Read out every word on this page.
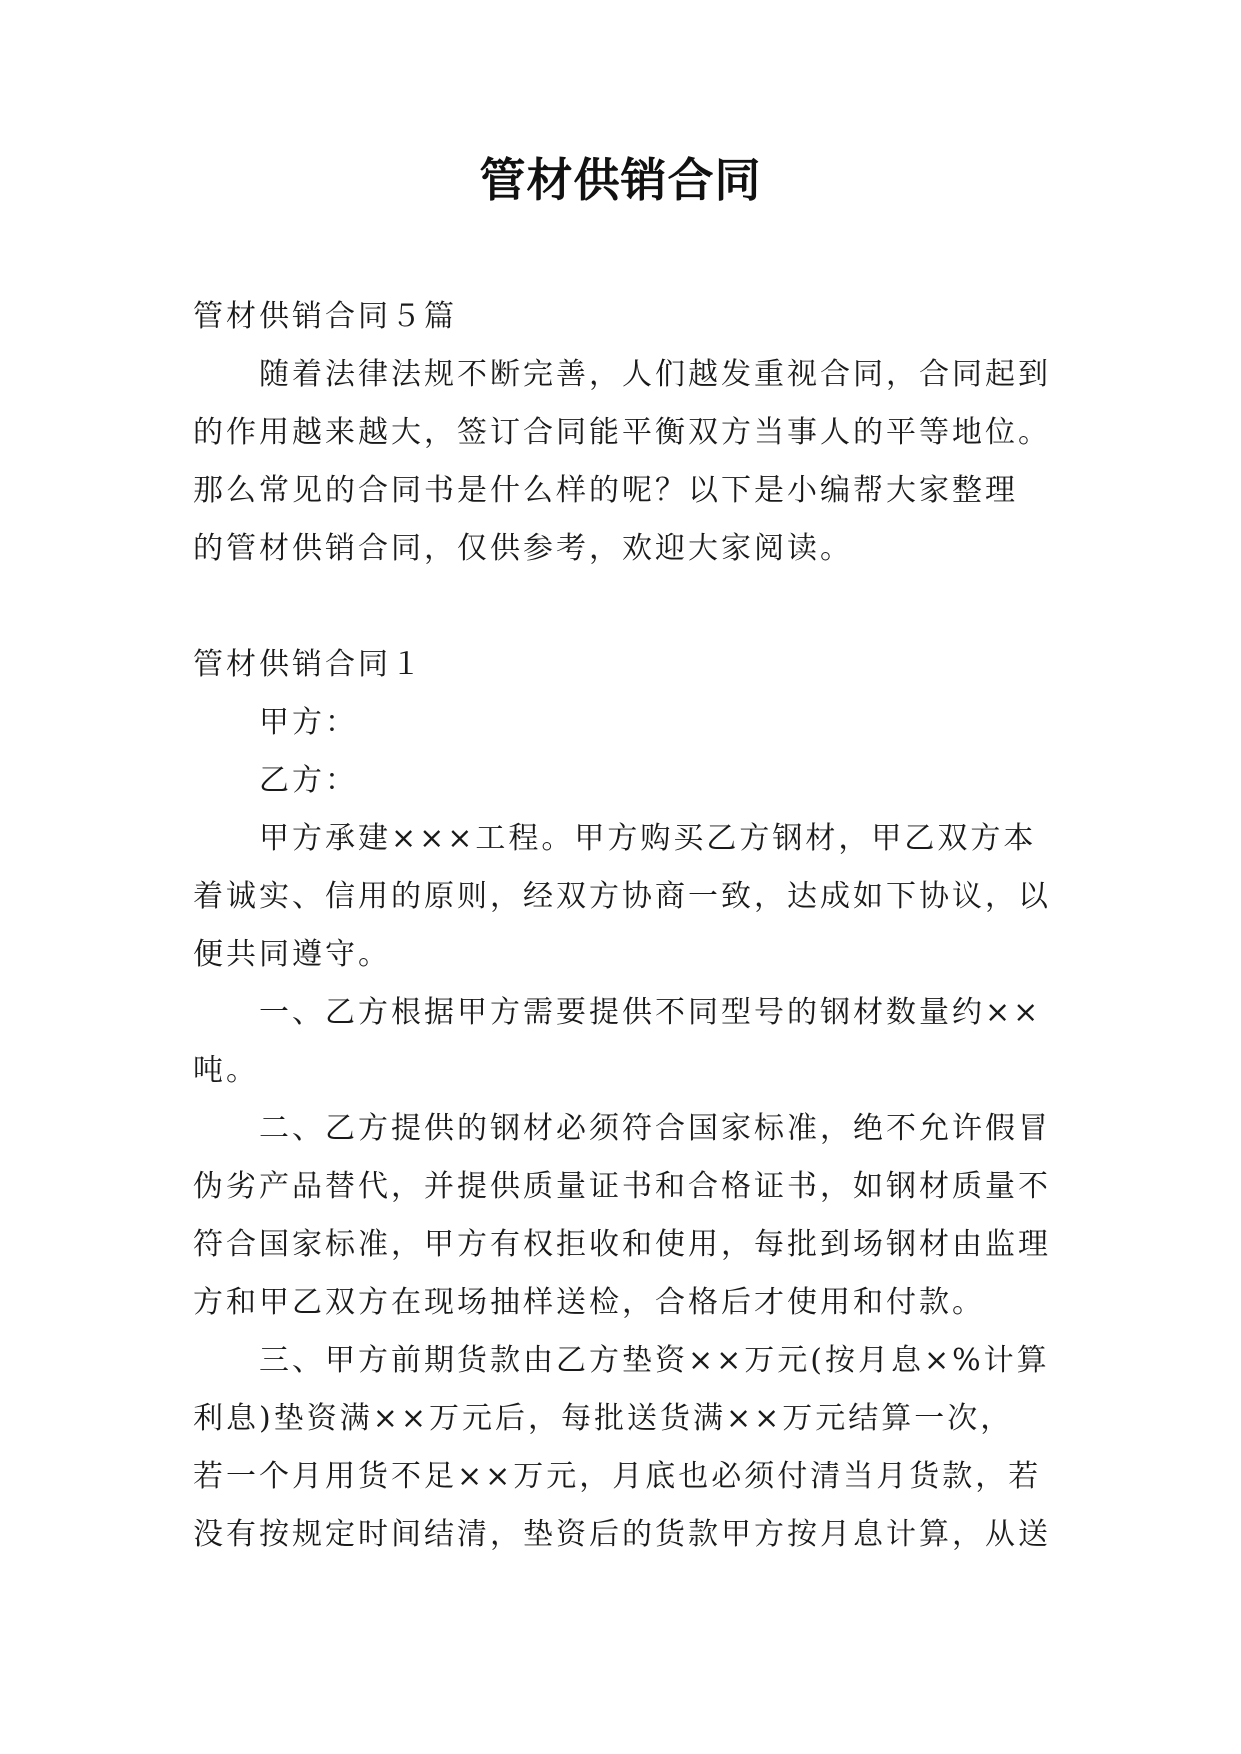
管材供销合同

管材供销合同５篇

随着法律法规不断完善，人们越发重视合同，合同起到
的作用越来越大，签订合同能平衡双方当事人的平等地位。
那么常见的合同书是什么样的呢？以下是小编帮大家整理
的管材供销合同，仅供参考，欢迎大家阅读。

管材供销合同１

甲方：

乙方：

甲方承建×××工程。甲方购买乙方钢材，甲乙双方本
着诚实、信用的原则，经双方协商一致，达成如下协议，以
便共同遵守。

一、乙方根据甲方需要提供不同型号的钢材数量约××
吨。

二、乙方提供的钢材必须符合国家标准，绝不允许假冒
伪劣产品替代，并提供质量证书和合格证书，如钢材质量不
符合国家标准，甲方有权拒收和使用，每批到场钢材由监理
方和甲乙双方在现场抽样送检，合格后才使用和付款。

三、甲方前期货款由乙方垫资××万元(按月息×%计算
利息)垫资满××万元后，每批送货满××万元结算一次，
若一个月用货不足××万元，月底也必须付清当月货款，若
没有按规定时间结清，垫资后的货款甲方按月息计算，从送
